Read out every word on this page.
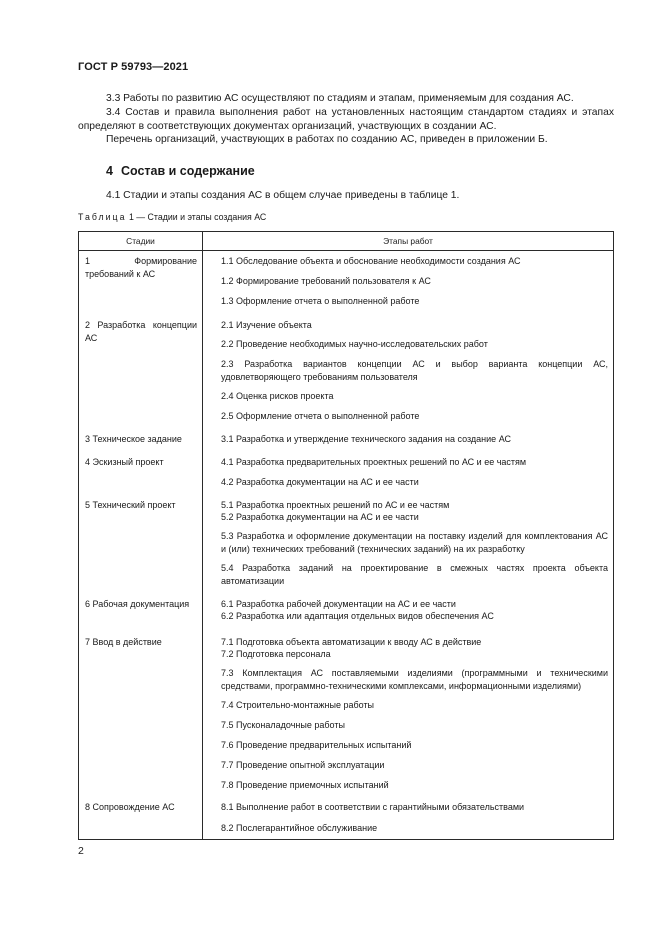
ГОСТ Р 59793—2021
3.3 Работы по развитию АС осуществляют по стадиям и этапам, применяемым для создания АС.
3.4 Состав и правила выполнения работ на установленных настоящим стандартом стадиях и этапах определяют в соответствующих документах организаций, участвующих в создании АС.
Перечень организаций, участвующих в работах по созданию АС, приведен в приложении Б.
4 Состав и содержание
4.1 Стадии и этапы создания АС в общем случае приведены в таблице 1.
Таблица 1 — Стадии и этапы создания АС
Стадии	Этапы работ
1 Формирование требований к АС
2 Разработка концепции АС
3 Техническое задание
4 Эскизный проект
5 Технический проект
6 Рабочая документация
7 Ввод в действие
8 Сопровождение АС
1.1 Обследование объекта и обоснование необходимости создания АС
1.2 Формирование требований пользователя к АС
1.3 Оформление отчета о выполненной работе
2.1 Изучение объекта
2.2 Проведение необходимых научно-исследовательских работ
2.3 Разработка вариантов концепции АС и выбор варианта концепции АС, удовлетворяющего требованиям пользователя
2.4 Оценка рисков проекта
2.5 Оформление отчета о выполненной работе
3.1 Разработка и утверждение технического задания на создание АС
4.1 Разработка предварительных проектных решений по АС и ее частям
4.2 Разработка документации на АС и ее части
5.1 Разработка проектных решений по АС и ее частям
5.2 Разработка документации на АС и ее части
5.3 Разработка и оформление документации на поставку изделий для комплектования АС и (или) технических требований (технических заданий) на их разработку
5.4 Разработка заданий на проектирование в смежных частях проекта объекта автоматизации
6.1 Разработка рабочей документации на АС и ее части
6.2 Разработка или адаптация отдельных видов обеспечения АС
7.1 Подготовка объекта автоматизации к вводу АС в действие
7.2 Подготовка персонала
7.3 Комплектация АС поставляемыми изделиями (программными и техническими средствами, программно-техническими комплексами, информационными изделиями)
7.4 Строительно-монтажные работы
7.5 Пусконаладочные работы
7.6 Проведение предварительных испытаний
7.7 Проведение опытной эксплуатации
7.8 Проведение приемочных испытаний
8.1 Выполнение работ в соответствии с гарантийными обязательствами
8.2 Послегарантийное обслуживание
2
